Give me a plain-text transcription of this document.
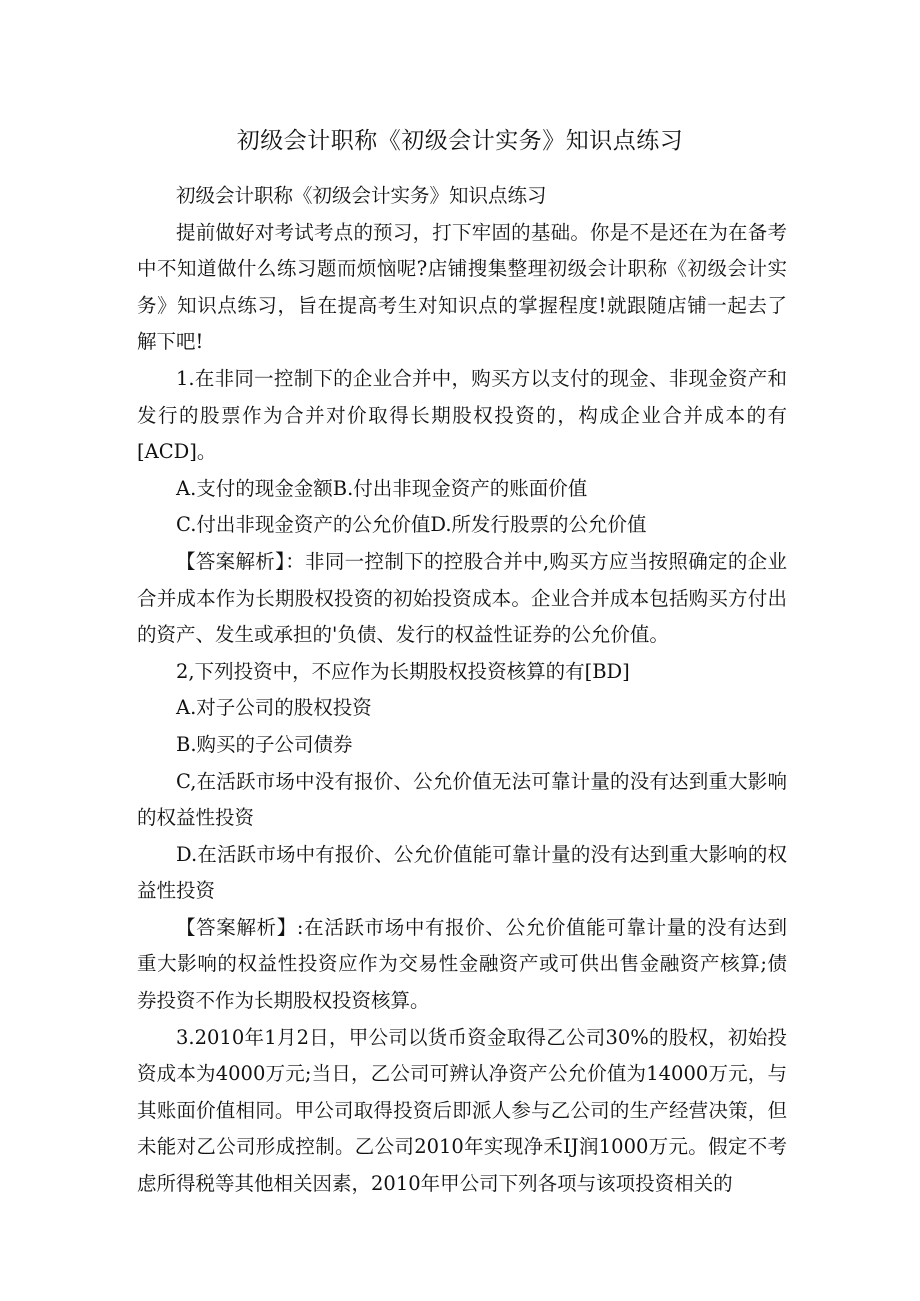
初级会计职称《初级会计实务》知识点练习

初级会计职称《初级会计实务》知识点练习

提前做好对考试考点的预习，打下牢固的基础。你是不是还在为在备考中不知道做什么练习题而烦恼呢?店铺搜集整理初级会计职称《初级会计实务》知识点练习，旨在提高考生对知识点的掌握程度!就跟随店铺一起去了解下吧!

1.在非同一控制下的企业合并中，购买方以支付的现金、非现金资产和发行的股票作为合并对价取得长期股权投资的，构成企业合并成本的有[ACD]。

A.支付的现金金额B.付出非现金资产的账面价值

C.付出非现金资产的公允价值D.所发行股票的公允价值

【答案解析】：非同一控制下的控股合并中,购买方应当按照确定的企业合并成本作为长期股权投资的初始投资成本。企业合并成本包括购买方付出的资产、发生或承担的'负债、发行的权益性证券的公允价值。

2,下列投资中，不应作为长期股权投资核算的有[BD]

A.对子公司的股权投资

B.购买的子公司债券

C,在活跃市场中没有报价、公允价值无法可靠计量的没有达到重大影响的权益性投资

D.在活跃市场中有报价、公允价值能可靠计量的没有达到重大影响的权益性投资

【答案解析】:在活跃市场中有报价、公允价值能可靠计量的没有达到重大影响的权益性投资应作为交易性金融资产或可供出售金融资产核算;债券投资不作为长期股权投资核算。

3.2010年1月2日，甲公司以货币资金取得乙公司30%的股权，初始投资成本为4000万元;当日，乙公司可辨认净资产公允价值为14000万元，与其账面价值相同。甲公司取得投资后即派人参与乙公司的生产经营决策，但未能对乙公司形成控制。乙公司2010年实现净禾IJ润1000万元。假定不考虑所得税等其他相关因素，2010年甲公司下列各项与该项投资相关的
